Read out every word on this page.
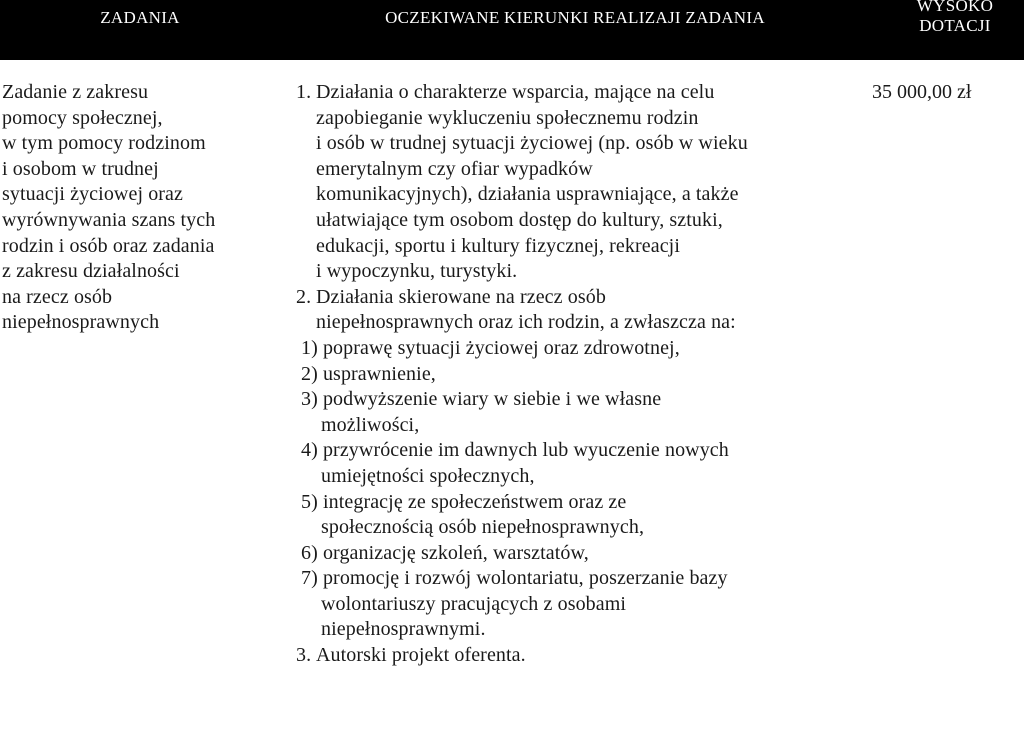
ZADANIA	OCZEKIWANE KIERUNKI REALIZAJI ZADANIA
WYSOKO
DOTACJI
Zadanie z zakresu
pomocy społecznej,
w tym pomocy rodzinom
i osobom w trudnej
sytuacji życiowej oraz
wyrównywania szans tych
rodzin i osób oraz zadania
z zakresu działalności
na rzecz osób
niepełnosprawnych
1. Działania o charakterze wsparcia, mające na celu
zapobieganie wykluczeniu społecznemu rodzin
i osób w trudnej sytuacji życiowej (np. osób w wieku
emerytalnym czy ofiar wypadków
komunikacyjnych), działania usprawniające, a także
ułatwiające tym osobom dostęp do kultury, sztuki,
edukacji, sportu i kultury fizycznej, rekreacji
i wypoczynku, turystyki.
2. Działania skierowane na rzecz osób
niepełnosprawnych oraz ich rodzin, a zwłaszcza na:
1) poprawę sytuacji życiowej oraz zdrowotnej,
2) usprawnienie,
3) podwyższenie wiary w siebie i we własne
możliwości,
4) przywrócenie im dawnych lub wyuczenie nowych
umiejętności społecznych,
5) integrację ze społeczeństwem oraz ze
społecznością osób niepełnosprawnych,
6) organizację szkoleń, warsztatów,
7) promocję i rozwój wolontariatu, poszerzanie bazy
wolontariuszy pracujących z osobami
niepełnosprawnymi.
3. Autorski projekt oferenta.
35 000,00 zł
